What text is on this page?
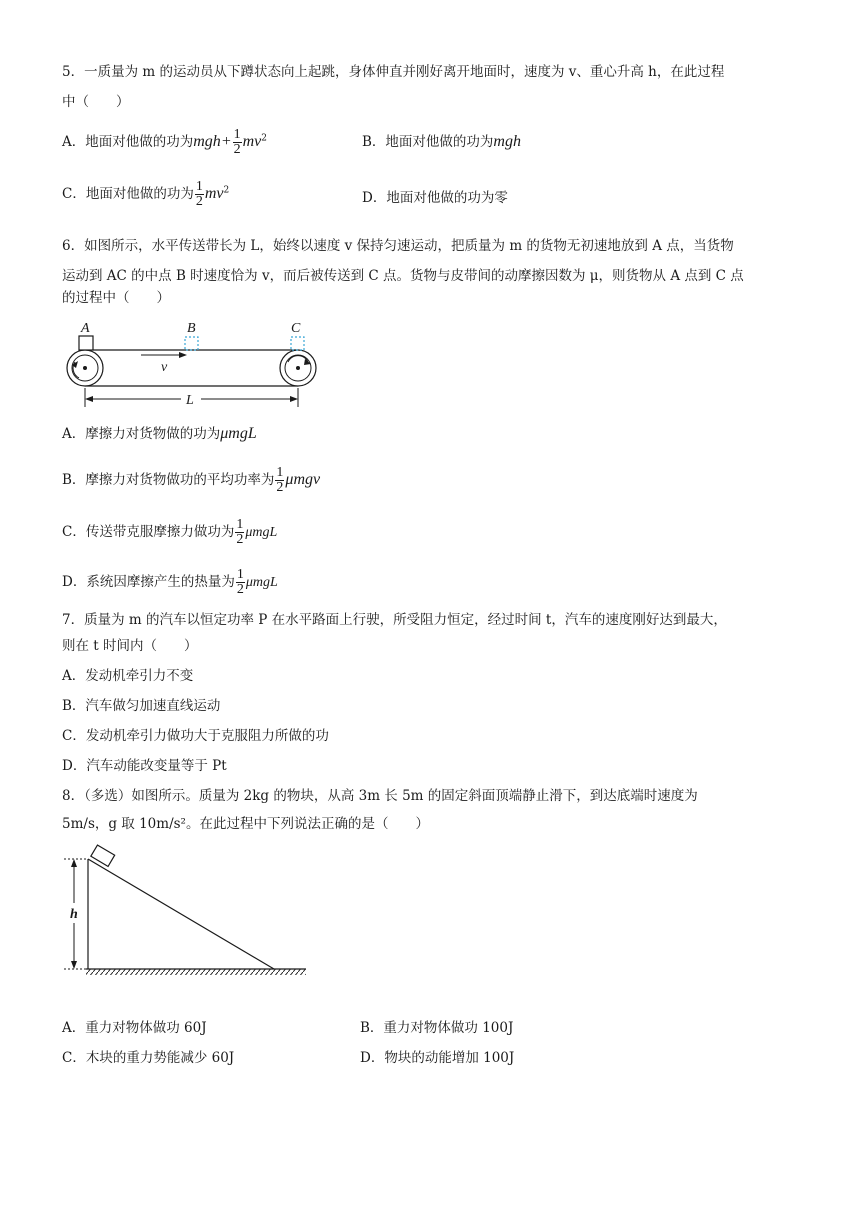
5．一质量为 m 的运动员从下蹲状态向上起跳，身体伸直并刚好离开地面时，速度为 v、重心升高 h，在此过程
中（　　）
A．地面对他做的功为$mgh+ \frac{1}{2} mv^2$	B．地面对他做的功为mgh
C．地面对他做的功为 $\frac{1}{2} mv^2$	D．地面对他做的功为零
6．如图所示，水平传送带长为 L，始终以速度 v 保持匀速运动，把质量为 m 的货物无初速地放到 A 点，当货物
运动到 AC 的中点 B 时速度恰为 v，而后被传送到 C 点。货物与皮带间的动摩擦因数为 μ，则货物从 A 点到 C 点
的过程中（　　）
v
A	B	C
L
A．摩擦力对货物做的功为μmgL
B．摩擦力对货物做功的平均功率为 $\frac{1}{2}$ μmgv
C．传送带克服摩擦力做功为 $\frac{1}{2}$ μmgL
D．系统因摩擦产生的热量为 $\frac{1}{2}$ μmgL
7．质量为 m 的汽车以恒定功率 P 在水平路面上行驶，所受阻力恒定，经过时间 t，汽车的速度刚好达到最大，
则在 t 时间内（　　）
A．发动机牵引力不变
B．汽车做匀加速直线运动
C．发动机牵引力做功大于克服阻力所做的功
D．汽车动能改变量等于 Pt
8．（多选）如图所示。质量为 2kg 的物块，从高 3m 长 5m 的固定斜面顶端静止滑下，到达底端时速度为
5m/s，g 取 10m/s²。在此过程中下列说法正确的是（　　）
h
A．重力对物体做功 60J	B．重力对物体做功 100J
C．木块的重力势能减少 60J	D．物块的动能增加 100J
